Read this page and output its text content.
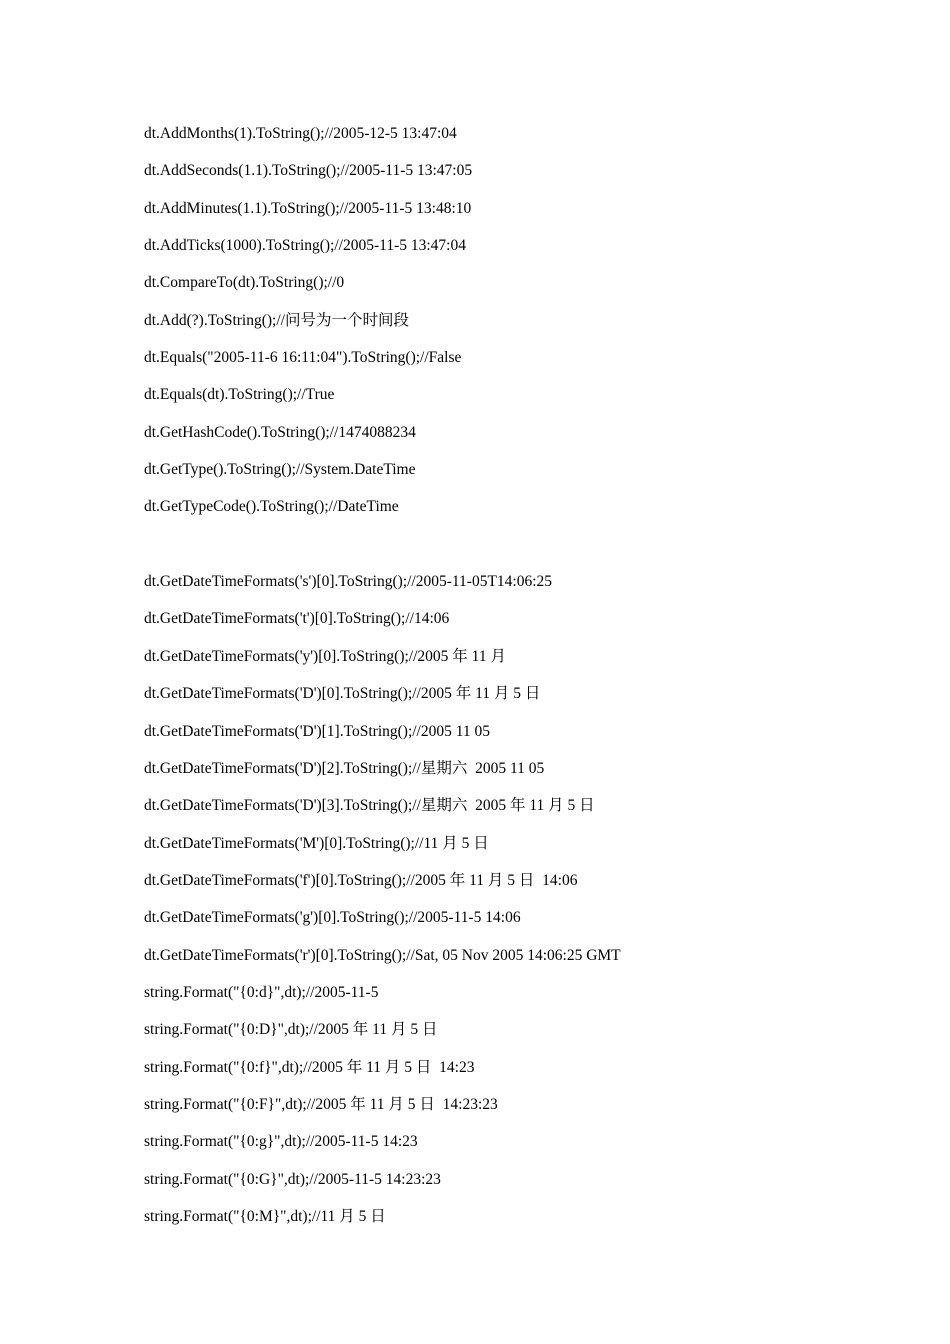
dt.AddMonths(1).ToString();//2005-12-5 13:47:04
dt.AddSeconds(1.1).ToString();//2005-11-5 13:47:05
dt.AddMinutes(1.1).ToString();//2005-11-5 13:48:10
dt.AddTicks(1000).ToString();//2005-11-5 13:47:04
dt.CompareTo(dt).ToString();//0
dt.Add(?).ToString();//问号为一个时间段
dt.Equals("2005-11-6 16:11:04").ToString();//False
dt.Equals(dt).ToString();//True
dt.GetHashCode().ToString();//1474088234
dt.GetType().ToString();//System.DateTime
dt.GetTypeCode().ToString();//DateTime
dt.GetDateTimeFormats('s')[0].ToString();//2005-11-05T14:06:25
dt.GetDateTimeFormats('t')[0].ToString();//14:06
dt.GetDateTimeFormats('y')[0].ToString();//2005 年 11 月
dt.GetDateTimeFormats('D')[0].ToString();//2005 年 11 月 5 日
dt.GetDateTimeFormats('D')[1].ToString();//2005 11 05
dt.GetDateTimeFormats('D')[2].ToString();//星期六  2005 11 05
dt.GetDateTimeFormats('D')[3].ToString();//星期六  2005 年 11 月 5 日
dt.GetDateTimeFormats('M')[0].ToString();//11 月 5 日
dt.GetDateTimeFormats('f')[0].ToString();//2005 年 11 月 5 日  14:06
dt.GetDateTimeFormats('g')[0].ToString();//2005-11-5 14:06
dt.GetDateTimeFormats('r')[0].ToString();//Sat, 05 Nov 2005 14:06:25 GMT
string.Format("{0:d}",dt);//2005-11-5
string.Format("{0:D}",dt);//2005 年 11 月 5 日
string.Format("{0:f}",dt);//2005 年 11 月 5 日  14:23
string.Format("{0:F}",dt);//2005 年 11 月 5 日  14:23:23
string.Format("{0:g}",dt);//2005-11-5 14:23
string.Format("{0:G}",dt);//2005-11-5 14:23:23
string.Format("{0:M}",dt);//11 月 5 日
